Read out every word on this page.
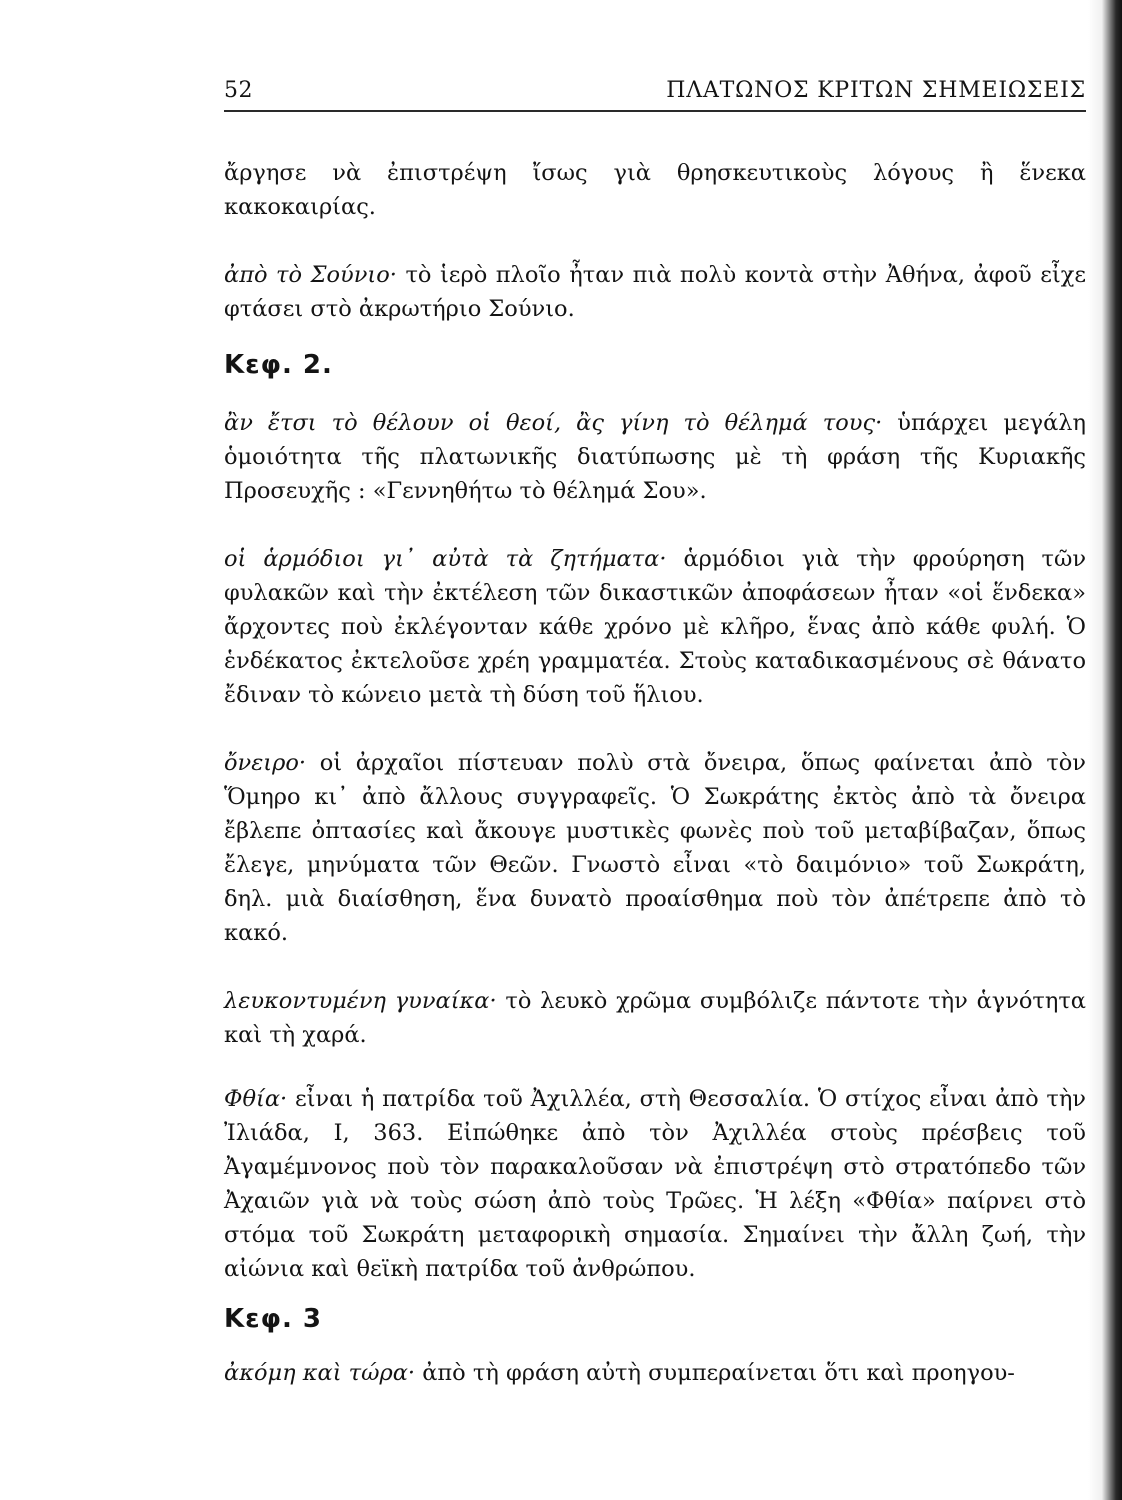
52	ΠΛΑΤΩΝΟΣ ΚΡΙΤΩΝ ΣΗΜΕΙΩΣΕΙΣ
ἄργησε νὰ ἐπιστρέψη ἴσως γιὰ θρησκευτικοὺς λόγους ἢ ἕνεκα κακοκαιρίας.
ἀπὸ τὸ Σούνιο· τὸ ἱερὸ πλοῖο ἦταν πιὰ πολὺ κοντὰ στὴν Ἀθήνα, ἀφοῦ εἶχε φτάσει στὸ ἀκρωτήριο Σούνιο.
Κεφ. 2.
ἂν ἔτσι τὸ θέλουν οἱ θεοί, ἂς γίνη τὸ θέλημά τους· ὑπάρχει μεγάλη ὁμοιότητα τῆς πλατωνικῆς διατύπωσης μὲ τὴ φράση τῆς Κυριακῆς Προσευχῆς : «Γεννηθήτω τὸ θέλημά Σου».
οἱ ἁρμόδιοι γι᾿ αὐτὰ τὰ ζητήματα· ἁρμόδιοι γιὰ τὴν φρούρηση τῶν φυλακῶν καὶ τὴν ἐκτέλεση τῶν δικαστικῶν ἀποφάσεων ἦταν «οἱ ἕνδεκα» ἄρχοντες ποὺ ἐκλέγονταν κάθε χρόνο μὲ κλῆρο, ἕνας ἀπὸ κάθε φυλή. Ὁ ἑνδέκατος ἐκτελοῦσε χρέη γραμματέα. Στοὺς καταδικασμένους σὲ θάνατο ἔδιναν τὸ κώνειο μετὰ τὴ δύση τοῦ ἥλιου.
ὄνειρο· οἱ ἀρχαῖοι πίστευαν πολὺ στὰ ὄνειρα, ὅπως φαίνεται ἀπὸ τὸν Ὅμηρο κι᾿ ἀπὸ ἄλλους συγγραφεῖς. Ὁ Σωκράτης ἐκτὸς ἀπὸ τὰ ὄνειρα ἔβλεπε ὀπτασίες καὶ ἄκουγε μυστικὲς φωνὲς ποὺ τοῦ μεταβίβαζαν, ὅπως ἔλεγε, μηνύματα τῶν Θεῶν. Γνωστὸ εἶναι «τὸ δαιμόνιο» τοῦ Σωκράτη, δηλ. μιὰ διαίσθηση, ἕνα δυνατὸ προαίσθημα ποὺ τὸν ἀπέτρεπε ἀπὸ τὸ κακό.
λευκοντυμένη γυναίκα· τὸ λευκὸ χρῶμα συμβόλιζε πάντοτε τὴν ἁγνότητα καὶ τὴ χαρά.
Φθία· εἶναι ἡ πατρίδα τοῦ Ἀχιλλέα, στὴ Θεσσαλία. Ὁ στίχος εἶναι ἀπὸ τὴν Ἰλιάδα, Ι, 363. Εἰπώθηκε ἀπὸ τὸν Ἀχιλλέα στοὺς πρέσβεις τοῦ Ἀγαμέμνονος ποὺ τὸν παρακαλοῦσαν νὰ ἐπιστρέψη στὸ στρατόπεδο τῶν Ἀχαιῶν γιὰ νὰ τοὺς σώση ἀπὸ τοὺς Τρῶες. Ἡ λέξη «Φθία» παίρνει στὸ στόμα τοῦ Σωκράτη μεταφορικὴ σημασία. Σημαίνει τὴν ἄλλη ζωή, τὴν αἰώνια καὶ θεϊκὴ πατρίδα τοῦ ἀνθρώπου.
Κεφ. 3
ἀκόμη καὶ τώρα· ἀπὸ τὴ φράση αὐτὴ συμπεραίνεται ὅτι καὶ προηγου-
